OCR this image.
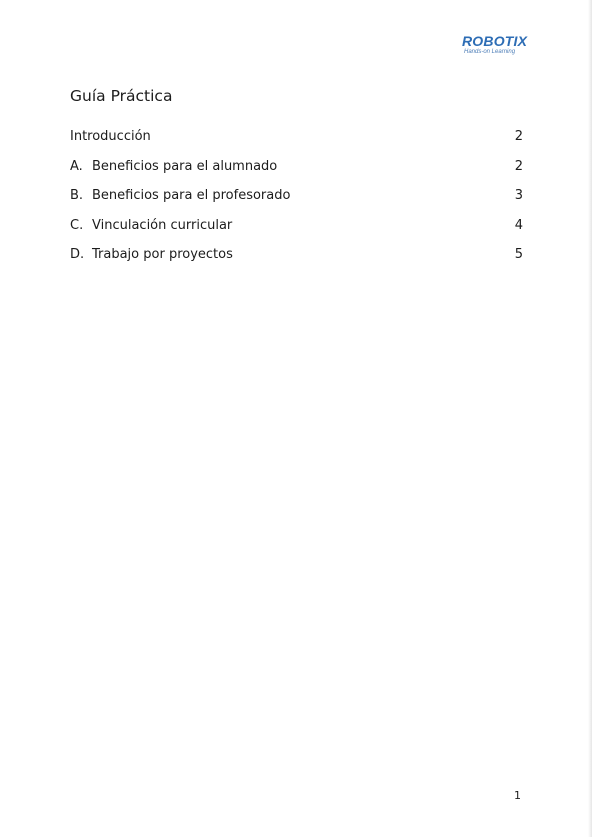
ROBOTIX
Hands-on Learning
Guía Práctica
Introducción	2
A. Beneficios para el alumnado	2
B. Beneficios para el profesorado	3
C. Vinculación curricular	4
D. Trabajo por proyectos	5
1
